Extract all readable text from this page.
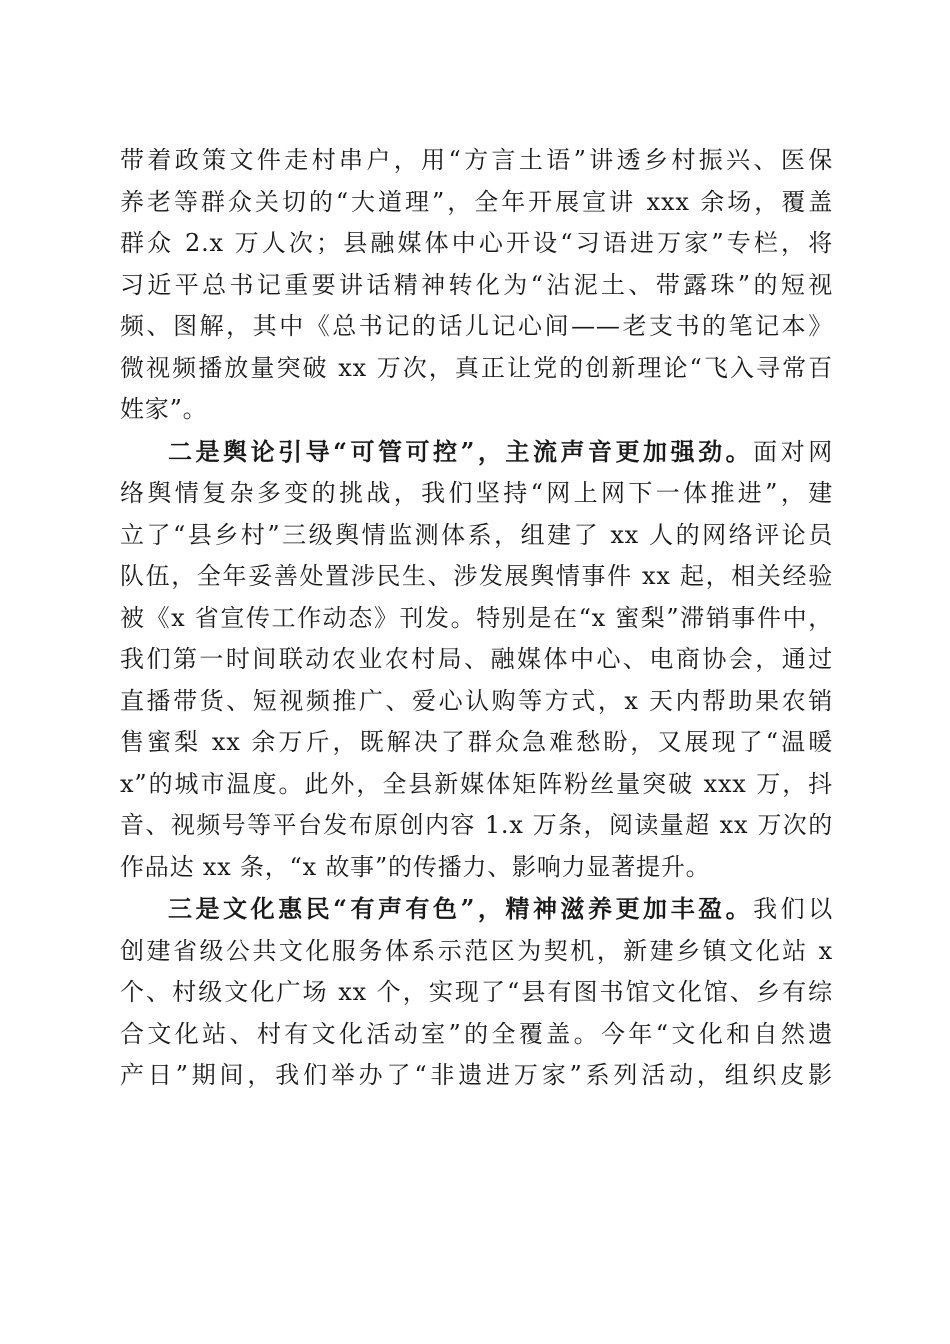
带着政策文件走村串户，用“方言土语”讲透乡村振兴、医保
养老等群众关切的“大道理”，全年开展宣讲 xxx 余场，覆盖
群众 2.x 万人次；县融媒体中心开设“习语进万家”专栏，将
习近平总书记重要讲话精神转化为“沾泥土、带露珠”的短视
频、图解，其中《总书记的话儿记心间——老支书的笔记本》
微视频播放量突破 xx 万次，真正让党的创新理论“飞入寻常百
姓家”。
二是舆论引导“可管可控”，主流声音更加强劲。面对网
络舆情复杂多变的挑战，我们坚持“网上网下一体推进”，建
立了“县乡村”三级舆情监测体系，组建了 xx 人的网络评论员
队伍，全年妥善处置涉民生、涉发展舆情事件 xx 起，相关经验
被《x 省宣传工作动态》刊发。特别是在“x 蜜梨”滞销事件中，
我们第一时间联动农业农村局、融媒体中心、电商协会，通过
直播带货、短视频推广、爱心认购等方式，x 天内帮助果农销
售蜜梨 xx 余万斤，既解决了群众急难愁盼，又展现了“温暖
x”的城市温度。此外，全县新媒体矩阵粉丝量突破 xxx 万，抖
音、视频号等平台发布原创内容 1.x 万条，阅读量超 xx 万次的
作品达 xx 条，“x 故事”的传播力、影响力显著提升。
三是文化惠民“有声有色”，精神滋养更加丰盈。我们以
创建省级公共文化服务体系示范区为契机，新建乡镇文化站 x
个、村级文化广场 xx 个，实现了“县有图书馆文化馆、乡有综
合文化站、村有文化活动室”的全覆盖。今年“文化和自然遗
产日”期间，我们举办了“非遗进万家”系列活动，组织皮影
